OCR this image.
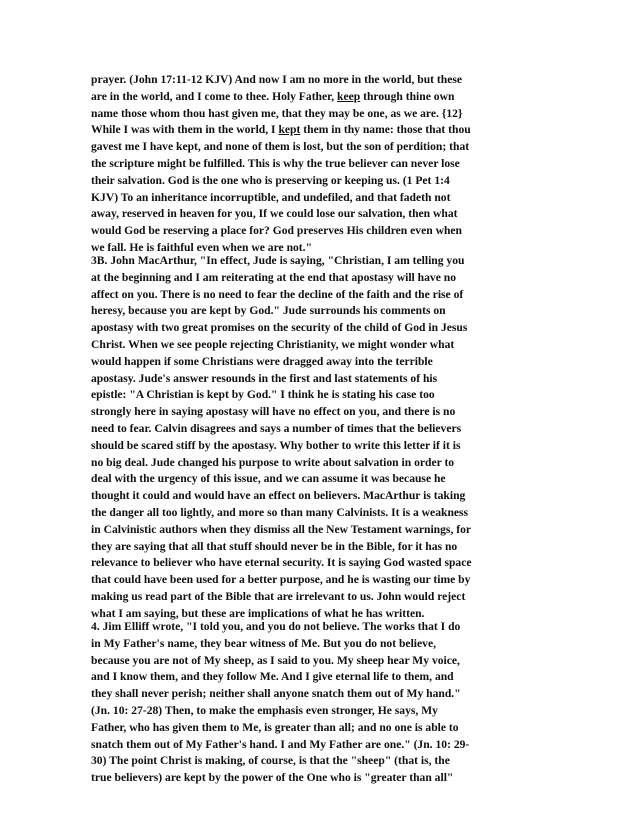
prayer. (John 17:11-12 KJV) And now I am no more in the world, but these
are in the world, and I come to thee. Holy Father, keep through thine own
name those whom thou hast given me, that they may be one, as we are. {12}
While I was with them in the world, I kept them in thy name: those that thou
gavest me I have kept, and none of them is lost, but the son of perdition; that
the scripture might be fulfilled. This is why the true believer can never lose
their salvation. God is the one who is preserving or keeping us. (1 Pet 1:4
KJV) To an inheritance incorruptible, and undefiled, and that fadeth not
away, reserved in heaven for you, If we could lose our salvation, then what
would God be reserving a place for? God preserves His children even when
we fall. He is faithful even when we are not."
3B. John MacArthur, "In effect, Jude is saying, "Christian, I am telling you
at the beginning and I am reiterating at the end that apostasy will have no
affect on you. There is no need to fear the decline of the faith and the rise of
heresy, because you are kept by God." Jude surrounds his comments on
apostasy with two great promises on the security of the child of God in Jesus
Christ. When we see people rejecting Christianity, we might wonder what
would happen if some Christians were dragged away into the terrible
apostasy. Jude's answer resounds in the first and last statements of his
epistle: "A Christian is kept by God." I think he is stating his case too
strongly here in saying apostasy will have no effect on you, and there is no
need to fear. Calvin disagrees and says a number of times that the believers
should be scared stiff by the apostasy. Why bother to write this letter if it is
no big deal. Jude changed his purpose to write about salvation in order to
deal with the urgency of this issue, and we can assume it was because he
thought it could and would have an effect on believers. MacArthur is taking
the danger all too lightly, and more so than many Calvinists. It is a weakness
in Calvinistic authors when they dismiss all the New Testament warnings, for
they are saying that all that stuff should never be in the Bible, for it has no
relevance to believer who have eternal security. It is saying God wasted space
that could have been used for a better purpose, and he is wasting our time by
making us read part of the Bible that are irrelevant to us. John would reject
what I am saying, but these are implications of what he has written.
4. Jim Elliff wrote, "I told you, and you do not believe. The works that I do
in My Father's name, they bear witness of Me. But you do not believe,
because you are not of My sheep, as I said to you. My sheep hear My voice,
and I know them, and they follow Me. And I give eternal life to them, and
they shall never perish; neither shall anyone snatch them out of My hand."
(Jn. 10: 27-28) Then, to make the emphasis even stronger, He says, My
Father, who has given them to Me, is greater than all; and no one is able to
snatch them out of My Father's hand. I and My Father are one." (Jn. 10: 29-
30) The point Christ is making, of course, is that the "sheep" (that is, the
true believers) are kept by the power of the One who is "greater than all"
